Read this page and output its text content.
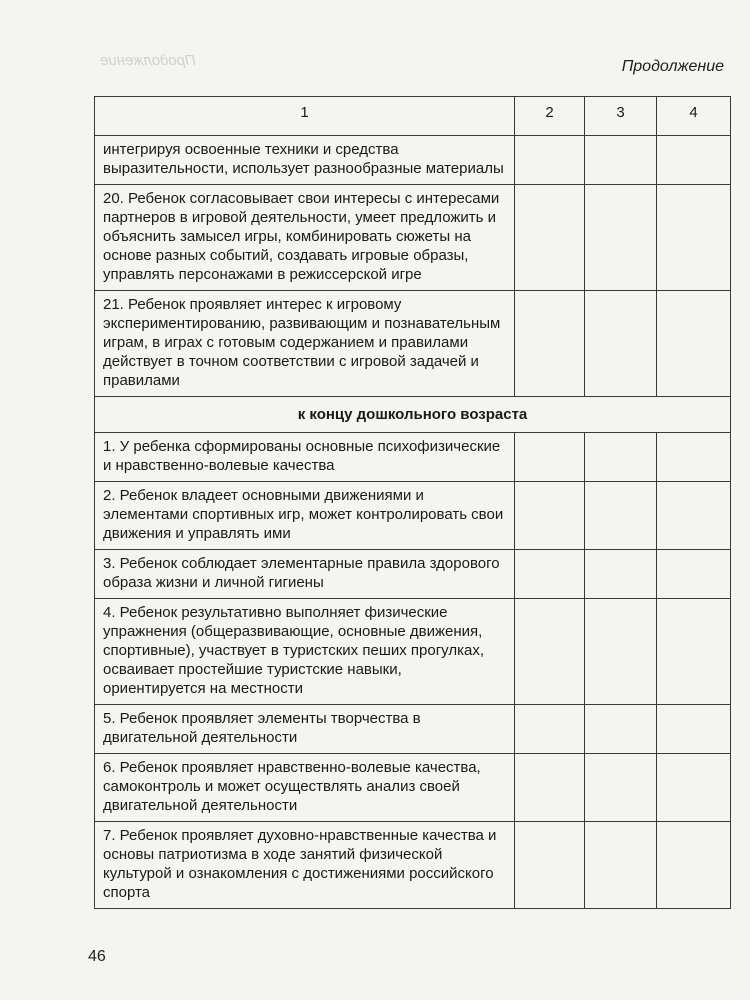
Продолжение	Продолжение
1	2	3	4
интегрируя освоенные техники и средства выразительности, использует разнообразные материалы			
20. Ребенок согласовывает свои интересы с интересами партнеров в игровой деятельности, умеет предложить и объяснить замысел игры, комбинировать сюжеты на основе разных событий, создавать игровые образы, управлять персонажами в режиссерской игре			
21. Ребенок проявляет интерес к игровому экспериментированию, развивающим и познавательным играм, в играх с готовым содержанием и правилами действует в точном соответствии с игровой задачей и правилами			
к концу дошкольного возраста			
1. У ребенка сформированы основные психофизические и нравственно-волевые качества			
2. Ребенок владеет основными движениями и элементами спортивных игр, может контролировать свои движения и управлять ими			
3. Ребенок соблюдает элементарные правила здорового образа жизни и личной гигиены			
4. Ребенок результативно выполняет физические упражнения (общеразвивающие, основные движения, спортивные), участвует в туристских пеших прогулках, осваивает простейшие туристские навыки, ориентируется на местности			
5. Ребенок проявляет элементы творчества в двигательной деятельности			
6. Ребенок проявляет нравственно-волевые качества, самоконтроль и может осуществлять анализ своей двигательной деятельности			
7. Ребенок проявляет духовно-нравственные качества и основы патриотизма в ходе занятий физической культурой и ознакомления с достижениями российского спорта			
46
